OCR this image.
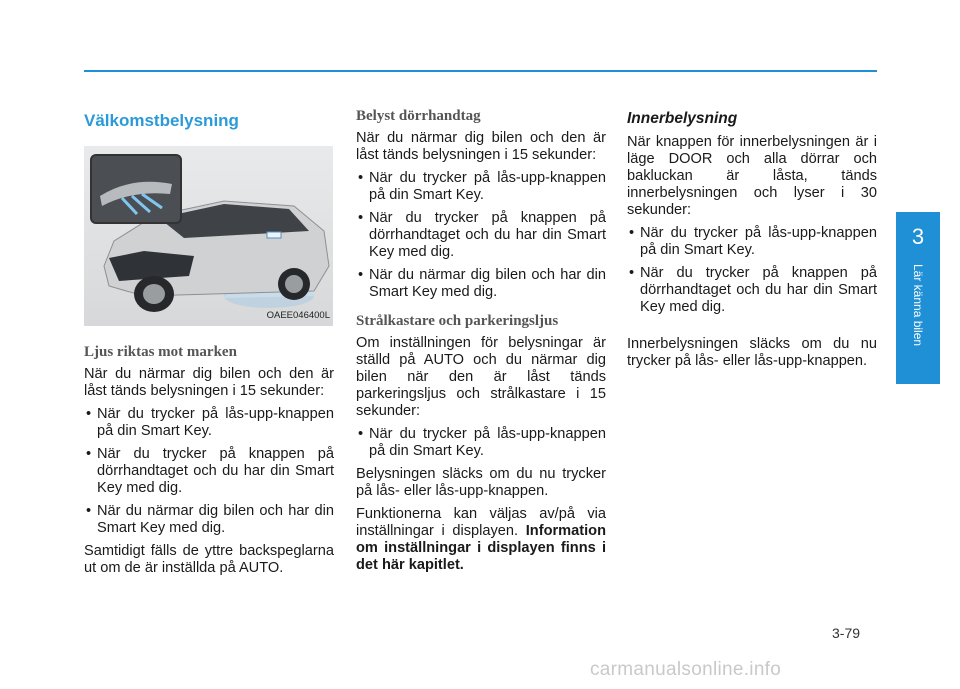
Välkomstbelysning
OAEE046400L
Ljus riktas mot marken

När du närmar dig bilen och den är låst tänds belysningen i 15 sekunder:

• När du trycker på lås-upp-knappen på din Smart Key.
• När du trycker på knappen på dörrhandtaget och du har din Smart Key med dig.
• När du närmar dig bilen och har din Smart Key med dig.

Samtidigt fälls de yttre backspeglarna ut om de är inställda på AUTO.

Belyst dörrhandtag

När du närmar dig bilen och den är låst tänds belysningen i 15 sekunder:

• När du trycker på lås-upp-knappen på din Smart Key.
• När du trycker på knappen på dörrhandtaget och du har din Smart Key med dig.
• När du närmar dig bilen och har din Smart Key med dig.
Strålkastare och parkeringsljus

Om inställningen för belysningar är ställd på AUTO och du närmar dig bilen när den är låst tänds parkeringsljus och strålkastare i 15 sekunder:

• När du trycker på lås-upp-knappen på din Smart Key.

Belysningen släcks om du nu trycker på lås- eller lås-upp-knappen.

Funktionerna kan väljas av/på via inställningar i displayen. Information om inställningar i displayen finns i det här kapitlet.

Innerbelysning

När knappen för innerbelysningen är i läge DOOR och alla dörrar och bakluckan är låsta, tänds innerbelysningen och lyser i 30 sekunder:

• När du trycker på lås-upp-knappen på din Smart Key.
• När du trycker på knappen på dörrhandtaget och du har din Smart Key med dig.

Innerbelysningen släcks om du nu trycker på lås- eller lås-upp-knappen.

3
Lär känna bilen
3-79
carmanualsonline.info
